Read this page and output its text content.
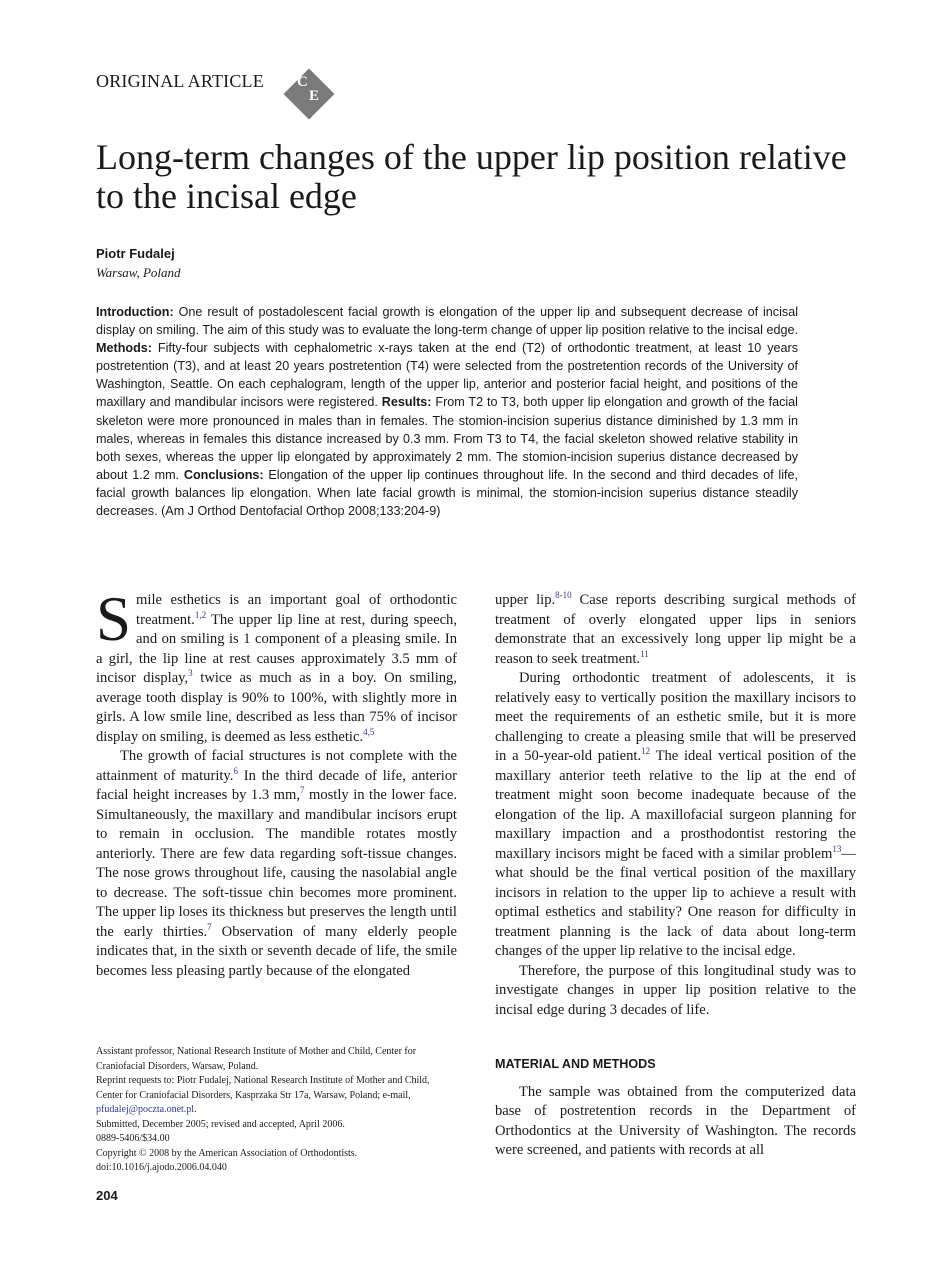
ORIGINAL ARTICLE C
E
Long-term changes of the upper lip position relative to the incisal edge
Piotr Fudalej
Warsaw, Poland

Introduction: One result of postadolescent facial growth is elongation of the upper lip and subsequent decrease of incisal display on smiling. The aim of this study was to evaluate the long-term change of upper lip position relative to the incisal edge. Methods: Fifty-four subjects with cephalometric x-rays taken at the end (T2) of orthodontic treatment, at least 10 years postretention (T3), and at least 20 years postretention (T4) were selected from the postretention records of the University of Washington, Seattle. On each cephalogram, length of the upper lip, anterior and posterior facial height, and positions of the maxillary and mandibular incisors were registered. Results: From T2 to T3, both upper lip elongation and growth of the facial skeleton were more pronounced in males than in females. The stomion-incision superius distance diminished by 1.3 mm in males, whereas in females this distance increased by 0.3 mm. From T3 to T4, the facial skeleton showed relative stability in both sexes, whereas the upper lip elongated by approximately 2 mm. The stomion-incision superius distance decreased by about 1.2 mm. Conclusions: Elongation of the upper lip continues throughout life. In the second and third decades of life, facial growth balances lip elongation. When late facial growth is minimal, the stomion-incision superius distance steadily decreases. (Am J Orthod Dentofacial Orthop 2008;133:204-9)

Smile esthetics is an important goal of orthodontic treatment.$^{1,2}$ The upper lip line at rest, during speech, and on smiling is 1 component of a pleasing smile. In a girl, the lip line at rest causes approximately 3.5 mm of incisor display,$^3$ twice as much as in a boy. On smiling, average tooth display is 90% to 100%, with slightly more in girls. A low smile line, described as less than 75% of incisor display on smiling, is deemed as less esthetic.$^{4,5}$

The growth of facial structures is not complete with the attainment of maturity.$^6$ In the third decade of life, anterior facial height increases by 1.3 mm,$^7$ mostly in the lower face. Simultaneously, the maxillary and mandibular incisors erupt to remain in occlusion. The mandible rotates mostly anteriorly. There are few data regarding soft-tissue changes. The nose grows throughout life, causing the nasolabial angle to decrease. The soft-tissue chin becomes more prominent. The upper lip loses its thickness but preserves the length until the early thirties.$^7$ Observation of many elderly people indicates that, in the sixth or seventh decade of life, the smile becomes less pleasing partly because of the elongated

upper lip.$^{8-10}$ Case reports describing surgical methods of treatment of overly elongated upper lips in seniors demonstrate that an excessively long upper lip might be a reason to seek treatment.$^{11}$

During orthodontic treatment of adolescents, it is relatively easy to vertically position the maxillary incisors to meet the requirements of an esthetic smile, but it is more challenging to create a pleasing smile that will be preserved in a 50-year-old patient.$^{12}$ The ideal vertical position of the maxillary anterior teeth relative to the lip at the end of treatment might soon become inadequate because of the elongation of the lip. A maxillofacial surgeon planning for maxillary impaction and a prosthodontist restoring the maxillary incisors might be faced with a similar problem$^{13}$—what should be the final vertical position of the maxillary incisors in relation to the upper lip to achieve a result with optimal esthetics and stability? One reason for difficulty in treatment planning is the lack of data about long-term changes of the upper lip relative to the incisal edge.

Therefore, the purpose of this longitudinal study was to investigate changes in upper lip position relative to the incisal edge during 3 decades of life.

MATERIAL AND METHODS

The sample was obtained from the computerized data base of postretention records in the Department of Orthodontics at the University of Washington. The records were screened, and patients with records at all

Assistant professor, National Research Institute of Mother and Child, Center for Craniofacial Disorders, Warsaw, Poland.
Reprint requests to: Piotr Fudalej, National Research Institute of Mother and Child, Center for Craniofacial Disorders, Kasprzaka Str 17a, Warsaw, Poland; e-mail, pfudalej@poczta.onet.pl.
Submitted, December 2005; revised and accepted, April 2006.
0889-5406/$34.00
Copyright © 2008 by the American Association of Orthodontists.
doi:10.1016/j.ajodo.2006.04.040
204
